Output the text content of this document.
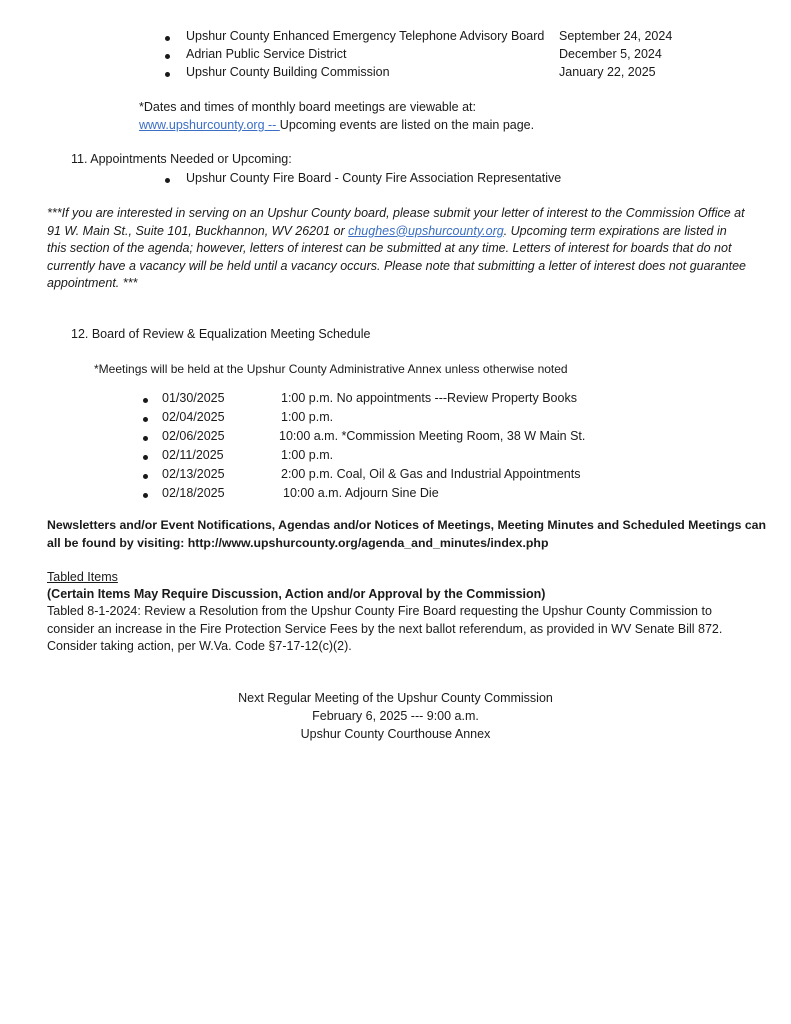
Upshur County Enhanced Emergency Telephone Advisory Board September 24, 2024
Adrian Public Service District	December 5, 2024
Upshur County Building Commission	January 22, 2025
*Dates and times of monthly board meetings are viewable at:
www.upshurcounty.org -- Upcoming events are listed on the main page.
11. Appointments Needed or Upcoming:
Upshur County Fire Board - County Fire Association Representative
***If you are interested in serving on an Upshur County board, please submit your letter of interest to the Commission Office at 91 W. Main St., Suite 101, Buckhannon, WV 26201 or chughes@upshurcounty.org. Upcoming term expirations are listed in this section of the agenda; however, letters of interest can be submitted at any time. Letters of interest for boards that do not currently have a vacancy will be held until a vacancy occurs. Please note that submitting a letter of interest does not guarantee appointment. ***
12. Board of Review & Equalization Meeting Schedule
*Meetings will be held at the Upshur County Administrative Annex unless otherwise noted
01/30/2025	1:00 p.m. No appointments ---Review Property Books
02/04/2025	1:00 p.m.
02/06/2025	10:00 a.m. *Commission Meeting Room, 38 W Main St.
02/11/2025	1:00 p.m.
02/13/2025	2:00 p.m. Coal, Oil & Gas and Industrial Appointments
02/18/2025	10:00 a.m. Adjourn Sine Die
Newsletters and/or Event Notifications, Agendas and/or Notices of Meetings, Meeting Minutes and Scheduled Meetings can all be found by visiting: http://www.upshurcounty.org/agenda_and_minutes/index.php
Tabled Items
(Certain Items May Require Discussion, Action and/or Approval by the Commission)
Tabled 8-1-2024: Review a Resolution from the Upshur County Fire Board requesting the Upshur County Commission to consider an increase in the Fire Protection Service Fees by the next ballot referendum, as provided in WV Senate Bill 872. Consider taking action, per W.Va. Code §7-17-12(c)(2).
Next Regular Meeting of the Upshur County Commission
February 6, 2025 --- 9:00 a.m.
Upshur County Courthouse Annex
